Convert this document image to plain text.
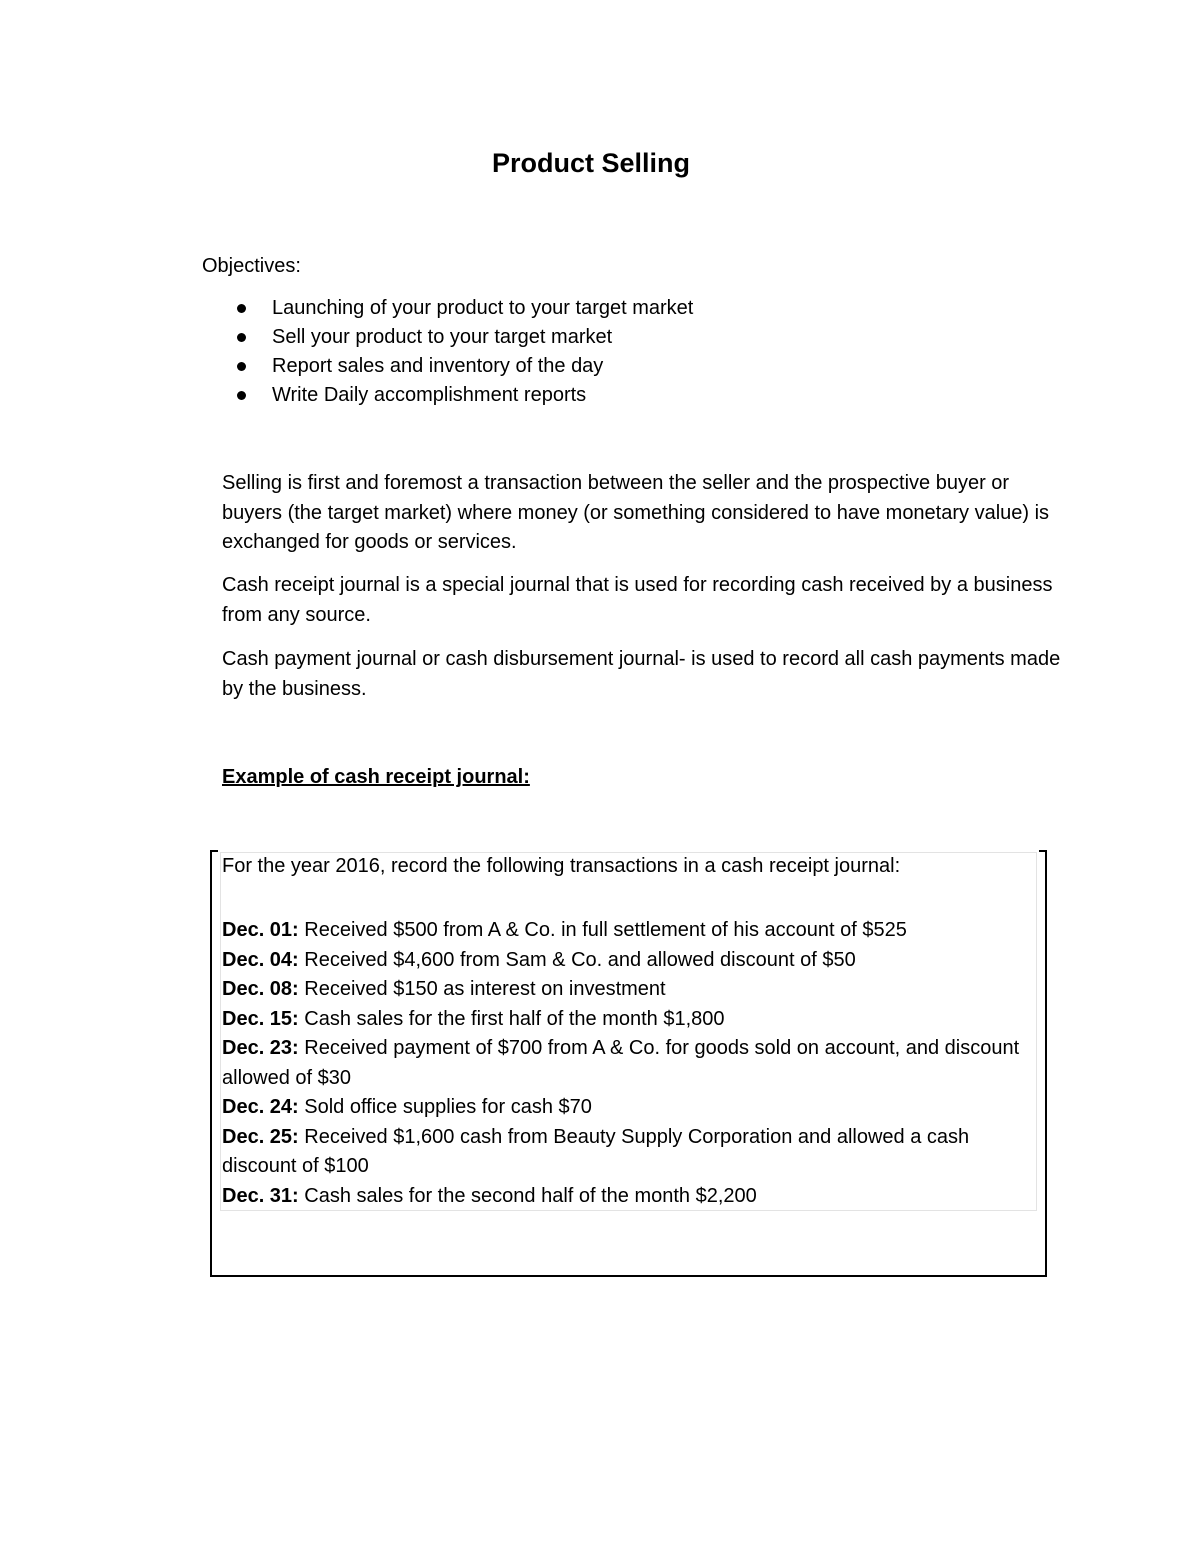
Product Selling
Objectives:
Launching of your product to your target market
Sell your product to your target market
Report sales and inventory of the day
Write Daily accomplishment reports

Selling is first and foremost a transaction between the seller and the prospective buyer or buyers (the target market) where money (or something considered to have monetary value) is exchanged for goods or services.

Cash receipt journal is a special journal that is used for recording cash received by a business from any source.

Cash payment journal or cash disbursement journal- is used to record all cash payments made by the business.

Example of cash receipt journal:
For the year 2016, record the following transactions in a cash receipt journal:
Dec. 01: Received $500 from A & Co. in full settlement of his account of $525
Dec. 04: Received $4,600 from Sam & Co. and allowed discount of $50
Dec. 08: Received $150 as interest on investment
Dec. 15: Cash sales for the first half of the month $1,800
Dec. 23: Received payment of $700 from A & Co. for goods sold on account, and discount allowed of $30
Dec. 24: Sold office supplies for cash $70
Dec. 25: Received $1,600 cash from Beauty Supply Corporation and allowed a cash discount of $100
Dec. 31: Cash sales for the second half of the month $2,200
